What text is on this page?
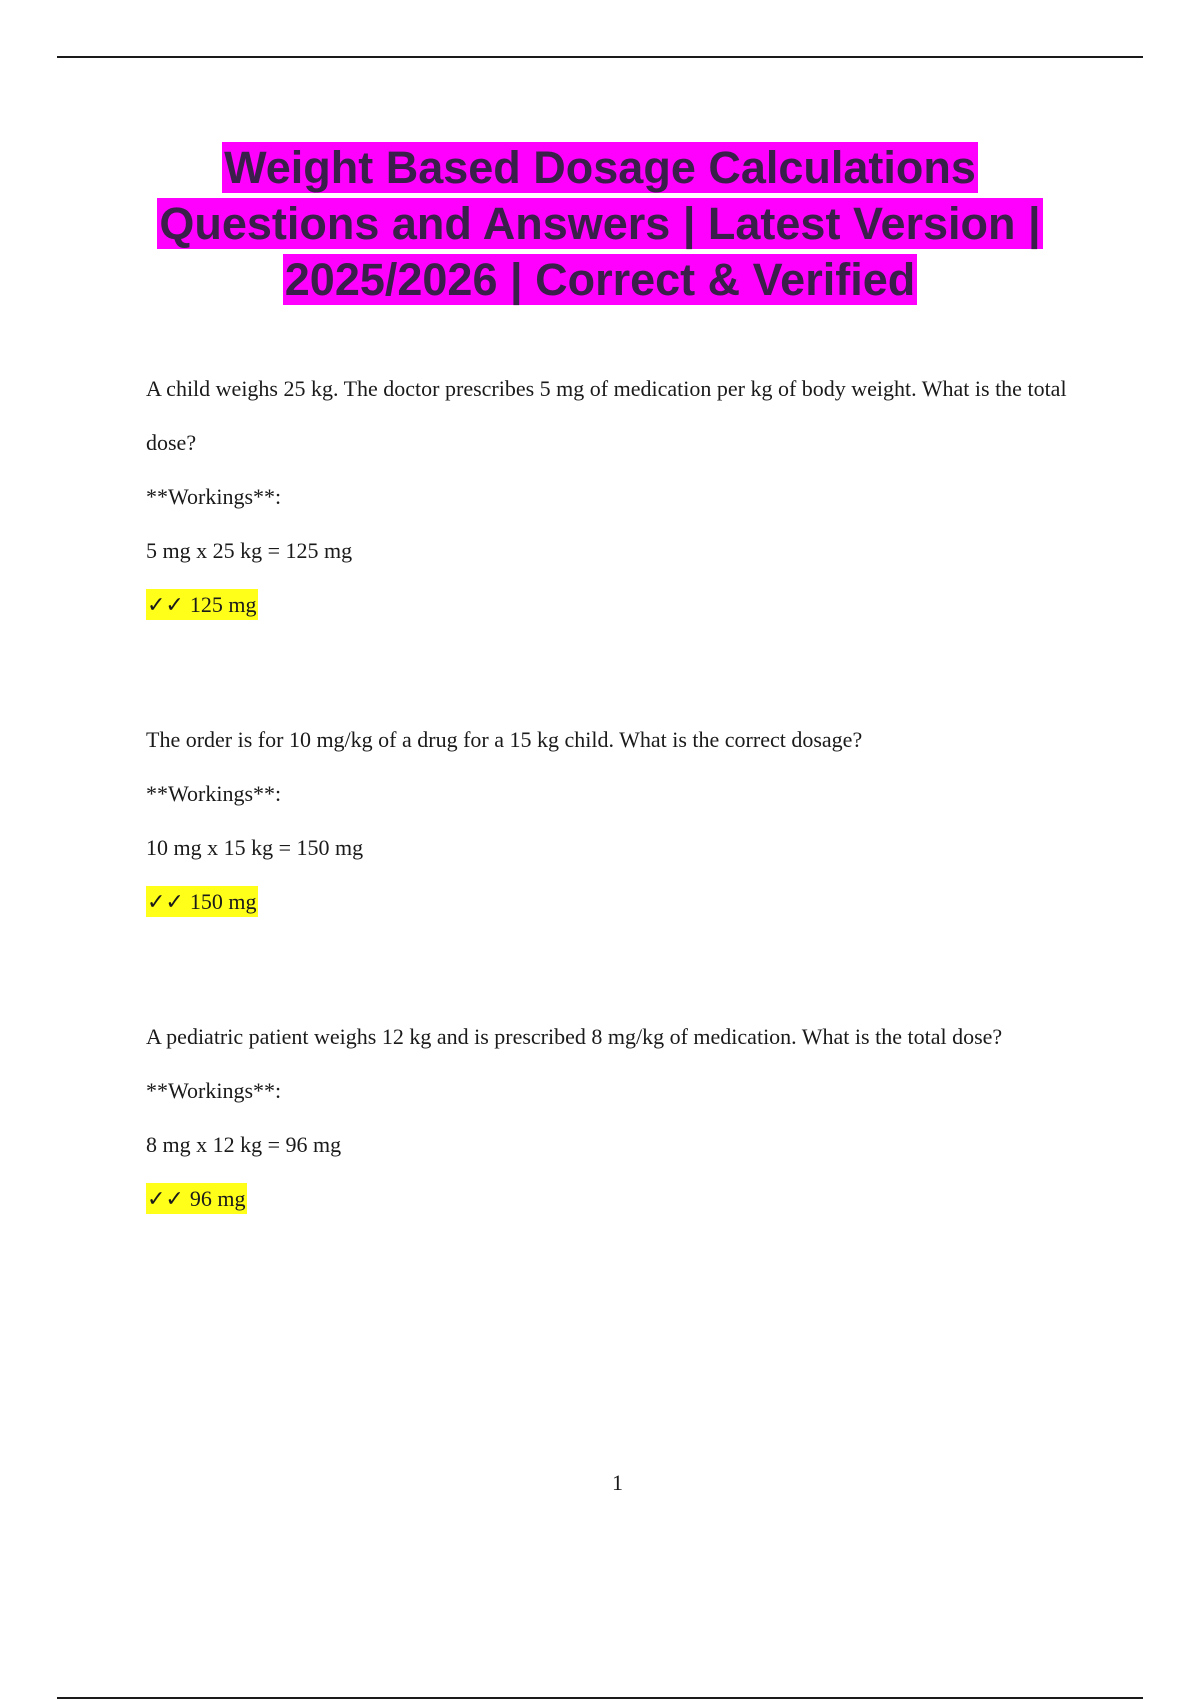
Weight Based Dosage Calculations Questions and Answers | Latest Version | 2025/2026 | Correct & Verified

A child weighs 25 kg. The doctor prescribes 5 mg of medication per kg of body weight. What is the total dose?

**Workings**:

5 mg x 25 kg = 125 mg

✓✓ 125 mg

The order is for 10 mg/kg of a drug for a 15 kg child. What is the correct dosage?

**Workings**:

10 mg x 15 kg = 150 mg

✓✓ 150 mg

A pediatric patient weighs 12 kg and is prescribed 8 mg/kg of medication. What is the total dose?

**Workings**:

8 mg x 12 kg = 96 mg

✓✓ 96 mg

1
